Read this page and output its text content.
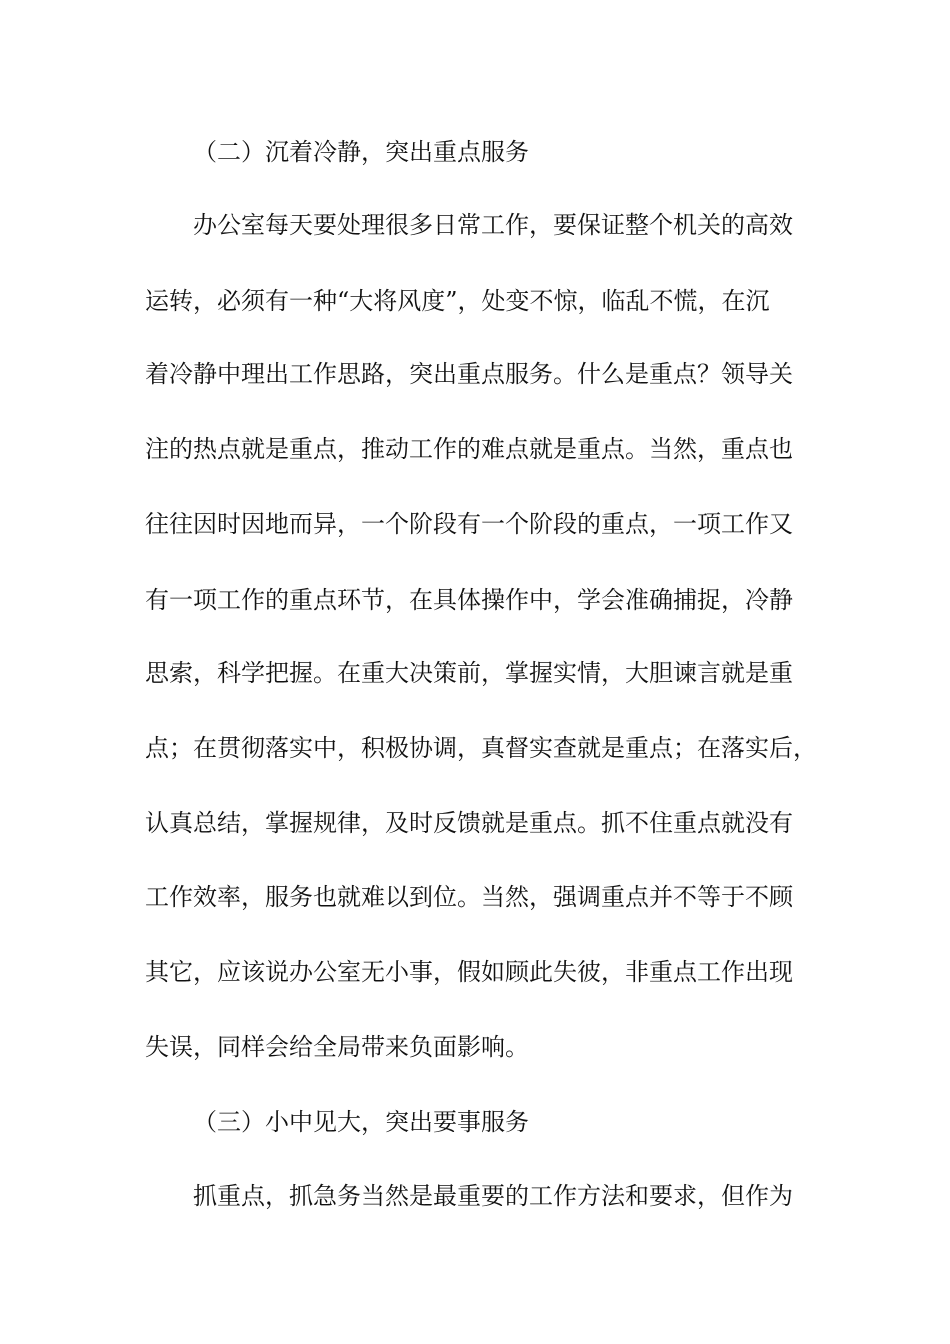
（二）沉着冷静，突出重点服务
办公室每天要处理很多日常工作，要保证整个机关的高效
运转，必须有一种“大将风度”，处变不惊，临乱不慌，在沉
着冷静中理出工作思路，突出重点服务。什么是重点？领导关
注的热点就是重点，推动工作的难点就是重点。当然，重点也
往往因时因地而异，一个阶段有一个阶段的重点，一项工作又
有一项工作的重点环节，在具体操作中，学会准确捕捉，冷静
思索，科学把握。在重大决策前，掌握实情，大胆谏言就是重
点；在贯彻落实中，积极协调，真督实查就是重点；在落实后，
认真总结，掌握规律，及时反馈就是重点。抓不住重点就没有
工作效率，服务也就难以到位。当然，强调重点并不等于不顾
其它，应该说办公室无小事，假如顾此失彼，非重点工作出现
失误，同样会给全局带来负面影响。
（三）小中见大，突出要事服务
抓重点，抓急务当然是最重要的工作方法和要求，但作为
